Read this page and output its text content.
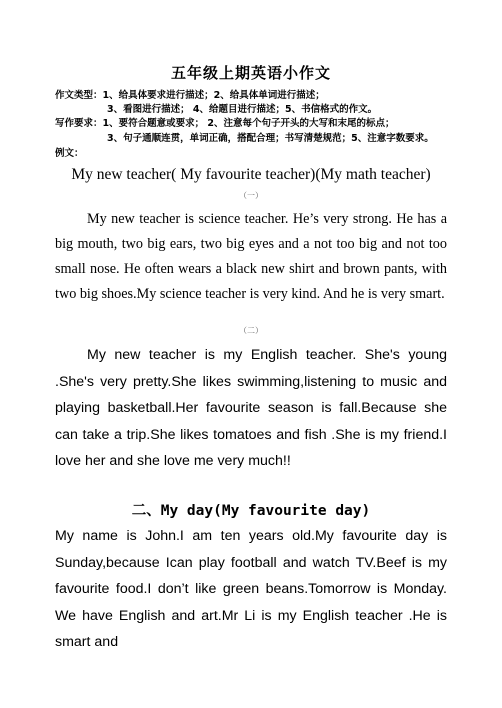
五年级上期英语小作文
作文类型：1、给具体要求进行描述；2、给具体单词进行描述；
3、看图进行描述； 4、给题目进行描述；5、书信格式的作文。
写作要求：1、要符合题意或要求； 2、注意每个句子开头的大写和末尾的标点；
3、句子通顺连贯，单词正确，搭配合理；书写清楚规范；5、注意字数要求。
例文：
My new teacher( My favourite teacher)(My math teacher)
（一）

My new teacher is science teacher. He’s very strong. He has a big mouth, two big ears, two big eyes and a not too big and not too small nose. He often wears a black new shirt and brown pants, with two big shoes.My science teacher is very kind. And he is very smart.

（二）

My new teacher is my English teacher. She's young .She's very pretty.She likes swimming,listening to music and playing basketball.Her favourite season is fall.Because she can take a trip.She likes tomatoes and fish .She is my friend.I love her and she love me very much!!

二、My day(My favourite day)

My name is John.I am ten years old.My favourite day is Sunday,because Ican play football and watch TV.Beef is my favourite food.I don’t like green beans.Tomorrow is Monday. We have English and art.Mr Li is my English teacher .He is smart and
